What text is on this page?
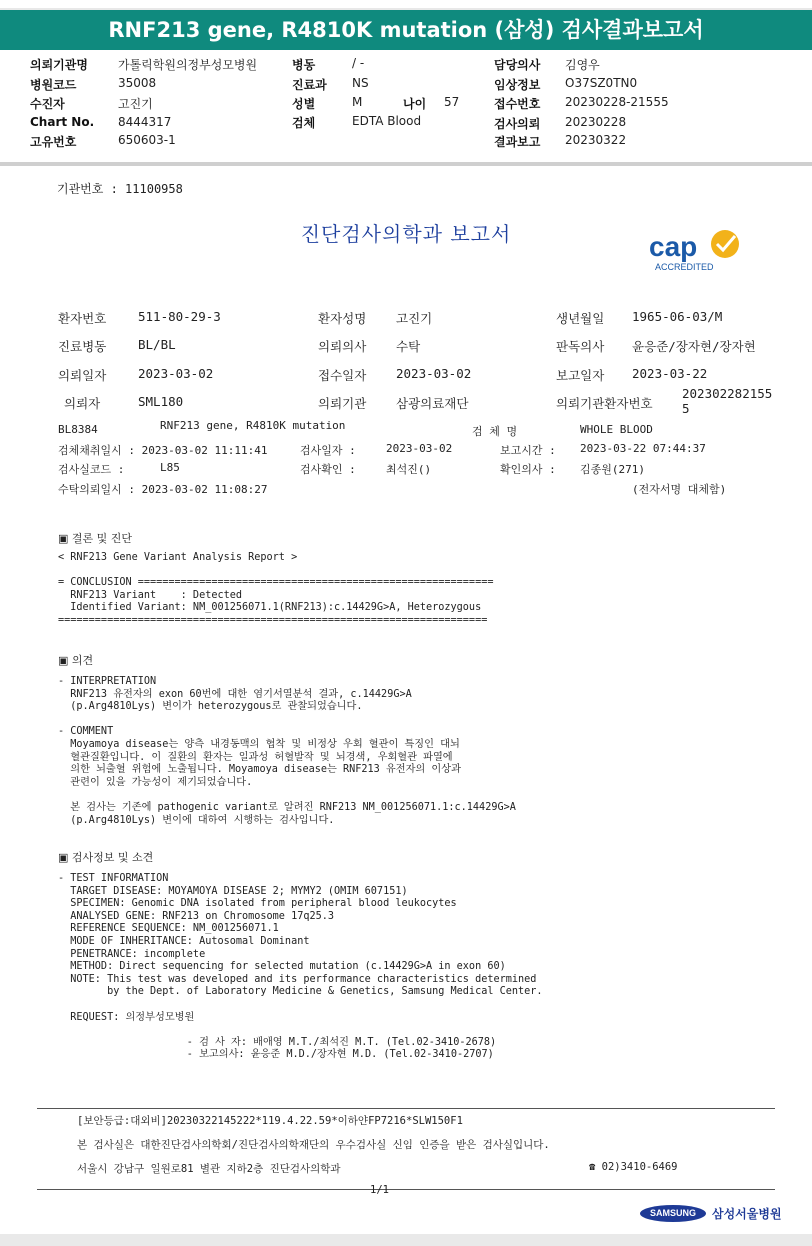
RNF213 gene, R4810K mutation (삼성) 검사결과보고서
의뢰기관명	가톨릭학원의정부성모병원
병원코드	35008
수진자	고진기
Chart No. 8444317
고유번호	650603-1
병동	/ -
진료과 NS
성별	M	나이 57
검체	EDTA Blood
담당의사 김영우
임상정보 O37SZ0TN0
접수번호 20230228-21555
검사의뢰 20230228
결과보고 20230322
기관번호 : 11100958
진단검사의학과 보고서	cap
ACCREDITED
환자번호	511-80-29-3	환자성명 고진기	생년월일 1965-06-03/M
진료병동	BL/BL	의뢰의사 수탁	판독의사 윤응준/장자현/장자현
의뢰일자	2023-03-02	접수일자 2023-03-02	보고일자 2023-03-22
의뢰자	SML180	의뢰기관 삼광의료재단	의뢰기관환자번호
202302282155
5
BL8384	RNF213 gene, R4810K mutation	검 체 명	WHOLE BLOOD
검체채취일시 : 2023-03-02 11:11:41	검사일자 :	2023-03-02	보고시간 : 2023-03-22 07:44:37
검사실코드 :	L85	검사확인 :	최석진()	확인의사 : 김종원(271)
수탁의뢰일시 : 2023-03-02 11:08:27	(전자서명 대체함)
▣ 결론 및 진단
< RNF213 Gene Variant Analysis Report >

= CONCLUSION ==========================================================
RNF213 Variant    : Detected
Identified Variant: NM_001256071.1(RNF213):c.14429G>A, Heterozygous
======================================================================
▣ 의견
- INTERPRETATION
RNF213 유전자의 exon 60번에 대한 염기서열분석 결과, c.14429G>A
(p.Arg4810Lys) 변이가 heterozygous로 관찰되었습니다.

- COMMENT
Moyamoya disease는 양측 내경동맥의 협착 및 비정상 우회 혈관이 특징인 대뇌
혈관질환입니다. 이 질환의 환자는 일과성 허혈발작 및 뇌경색, 우회혈관 파열에
의한 뇌출혈 위험에 노출됩니다. Moyamoya disease는 RNF213 유전자의 이상과
관련이 있을 가능성이 제기되었습니다.

본 검사는 기존에 pathogenic variant로 알려진 RNF213 NM_001256071.1:c.14429G>A
(p.Arg4810Lys) 변이에 대하여 시행하는 검사입니다.
▣ 검사정보 및 소견
- TEST INFORMATION
TARGET DISEASE: MOYAMOYA DISEASE 2; MYMY2 (OMIM 607151)
SPECIMEN: Genomic DNA isolated from peripheral blood leukocytes
ANALYSED GENE: RNF213 on Chromosome 17q25.3
REFERENCE SEQUENCE: NM_001256071.1
MODE OF INHERITANCE: Autosomal Dominant
PENETRANCE: incomplete
METHOD: Direct sequencing for selected mutation (c.14429G>A in exon 60)
NOTE: This test was developed and its performance characteristics determined
by the Dept. of Laboratory Medicine & Genetics, Samsung Medical Center.

REQUEST: 의정부성모병원

- 검 사 자: 배애영 M.T./최석진 M.T. (Tel.02-3410-2678)
- 보고의사: 윤응준 M.D./장자현 M.D. (Tel.02-3410-2707)
[보안등급:대외비]20230322145222*119.4.22.59*이하얀FP7216*SLW150F1
본 검사실은 대한진단검사의학회/진단검사의학재단의 우수검사실 신임 인증을 받은 검사실입니다.
서울시 강남구 일원로81 별관 지하2층 진단검사의학과	☎ 02)3410-6469
1/1
SAMSUNG	삼성서울병원
